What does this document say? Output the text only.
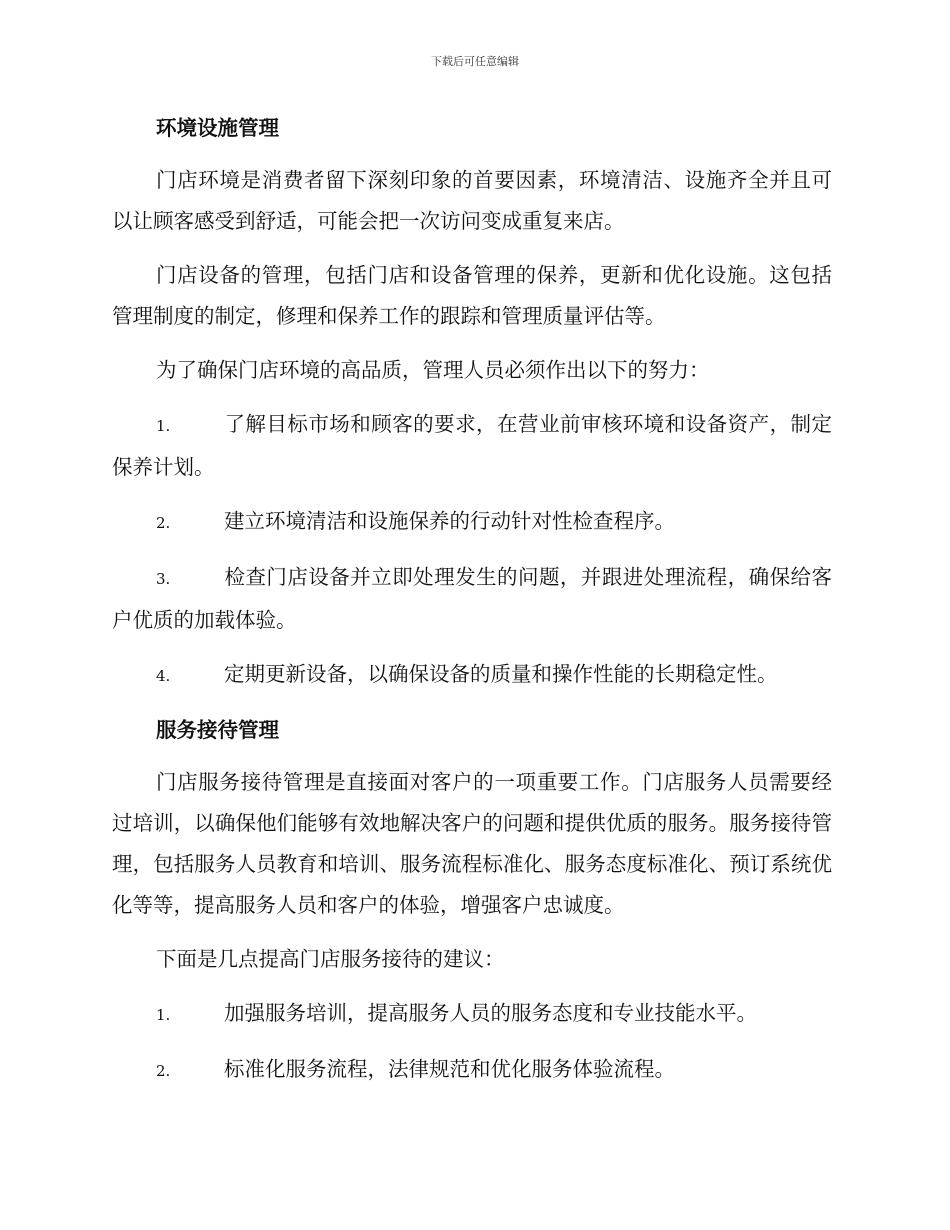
下载后可任意编辑
环境设施管理

门店环境是消费者留下深刻印象的首要因素，环境清洁、设施齐全并且可以让顾客感受到舒适，可能会把一次访问变成重复来店。

门店设备的管理，包括门店和设备管理的保养，更新和优化设施。这包括管理制度的制定，修理和保养工作的跟踪和管理质量评估等。

为了确保门店环境的高品质，管理人员必须作出以下的努力：

1.	了解目标市场和顾客的要求，在营业前审核环境和设备资产，制定保养计划。
2.	建立环境清洁和设施保养的行动针对性检查程序。
3.	检查门店设备并立即处理发生的问题，并跟进处理流程，确保给客户优质的加载体验。
4.	定期更新设备，以确保设备的质量和操作性能的长期稳定性。
服务接待管理

门店服务接待管理是直接面对客户的一项重要工作。门店服务人员需要经过培训，以确保他们能够有效地解决客户的问题和提供优质的服务。服务接待管理，包括服务人员教育和培训、服务流程标准化、服务态度标准化、预订系统优化等等，提高服务人员和客户的体验，增强客户忠诚度。

下面是几点提高门店服务接待的建议：

1.	加强服务培训，提高服务人员的服务态度和专业技能水平。
2.	标准化服务流程，法律规范和优化服务体验流程。
